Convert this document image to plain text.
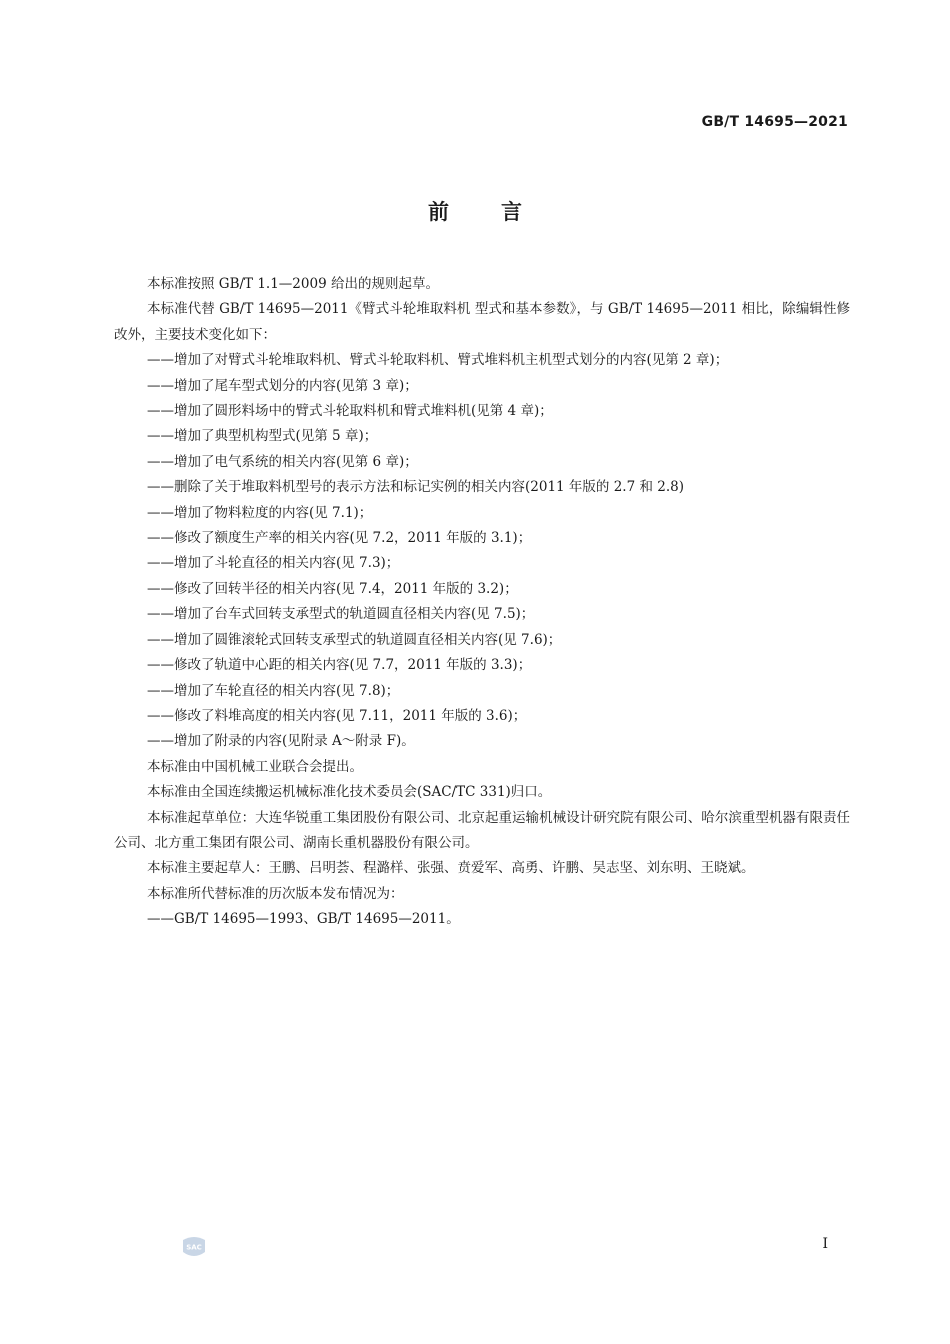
GB/T 14695—2021
前 言

本标准按照 GB/T 1.1—2009 给出的规则起草。

本标准代替 GB/T 14695—2011《臂式斗轮堆取料机 型式和基本参数》，与 GB/T 14695—2011 相比，除编辑性修改外，主要技术变化如下：

——增加了对臂式斗轮堆取料机、臂式斗轮取料机、臂式堆料机主机型式划分的内容(见第 2 章)；

——增加了尾车型式划分的内容(见第 3 章)；

——增加了圆形料场中的臂式斗轮取料机和臂式堆料机(见第 4 章)；

——增加了典型机构型式(见第 5 章)；

——增加了电气系统的相关内容(见第 6 章)；

——删除了关于堆取料机型号的表示方法和标记实例的相关内容(2011 年版的 2.7 和 2.8)

——增加了物料粒度的内容(见 7.1)；

——修改了额度生产率的相关内容(见 7.2，2011 年版的 3.1)；

——增加了斗轮直径的相关内容(见 7.3)；

——修改了回转半径的相关内容(见 7.4，2011 年版的 3.2)；

——增加了台车式回转支承型式的轨道圆直径相关内容(见 7.5)；

——增加了圆锥滚轮式回转支承型式的轨道圆直径相关内容(见 7.6)；

——修改了轨道中心距的相关内容(见 7.7，2011 年版的 3.3)；

——增加了车轮直径的相关内容(见 7.8)；

——修改了料堆高度的相关内容(见 7.11，2011 年版的 3.6)；

——增加了附录的内容(见附录 A～附录 F)。

本标准由中国机械工业联合会提出。

本标准由全国连续搬运机械标准化技术委员会(SAC/TC 331)归口。

本标准起草单位：大连华锐重工集团股份有限公司、北京起重运输机械设计研究院有限公司、哈尔滨重型机器有限责任公司、北方重工集团有限公司、湖南长重机器股份有限公司。

本标准主要起草人：王鹏、吕明荟、程潞样、张强、贲爱军、高勇、许鹏、吴志坚、刘东明、王晓斌。

本标准所代替标准的历次版本发布情况为：

——GB/T 14695—1993、GB/T 14695—2011。

SAC	I
